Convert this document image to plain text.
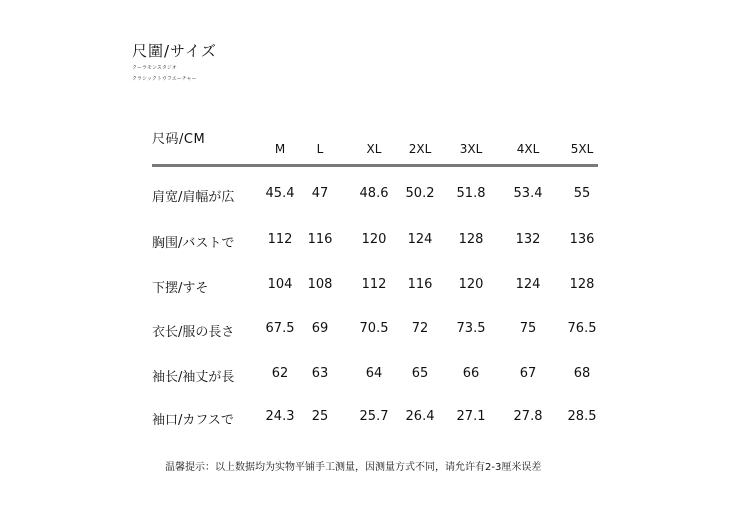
尺圍/サイズ
クーラモンスタジオ
クラシックトウフエーチャー
尺码/CM
M	L	XL 2XL 3XL	4XL	5XL
肩宽/肩幅が広 45.4 47 48.6 50.2 51.8 53.4 55
胸围/バストで	112 116 120 124 128 132 136
下摆/すそ	104 108 112 116 120 124 128
衣长/服の長さ 67.5 69 70.5 72 73.5	75 76.5
袖长/袖丈が長	62 63	64 65	66	67	68
袖口/カフスで 24.3 25 25.7 26.4 27.1 27.8 28.5
温馨提示：以上数据均为实物平铺手工测量，因测量方式不同，请允许有2-3厘米误差
